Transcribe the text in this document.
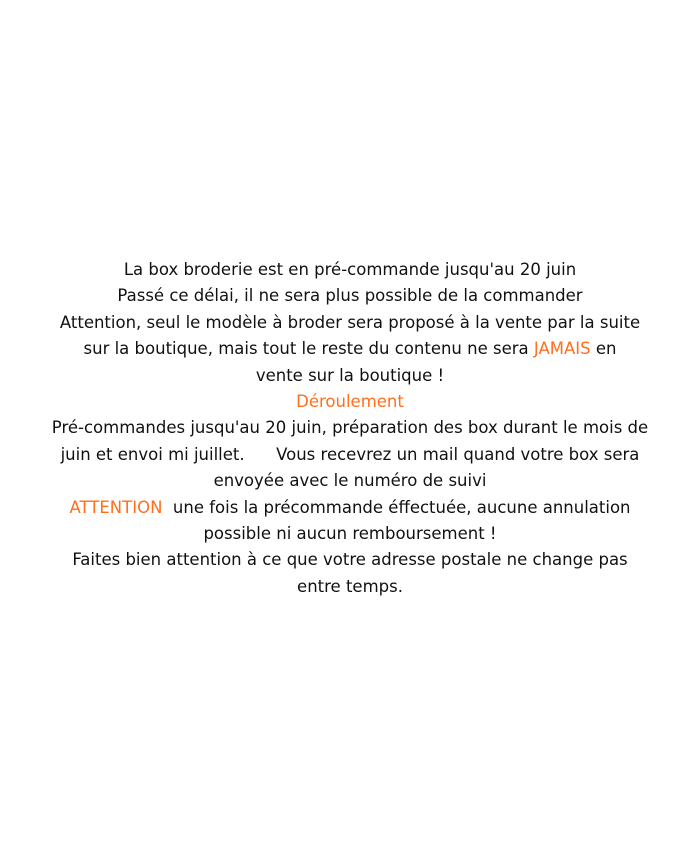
La box broderie est en pré-commande jusqu'au 20 juin
Passé ce délai, il ne sera plus possible de la commander
Attention, seul le modèle à broder sera proposé à la vente par la suite
sur la boutique, mais tout le reste du contenu ne sera JAMAIS en
vente sur la boutique !
Déroulement
Pré-commandes jusqu'au 20 juin, préparation des box durant le mois de
juin et envoi mi juillet. Vous recevrez un mail quand votre box sera
envoyée avec le numéro de suivi
ATTENTION une fois la précommande éffectuée, aucune annulation
possible ni aucun remboursement !
Faites bien attention à ce que votre adresse postale ne change pas
entre temps.
